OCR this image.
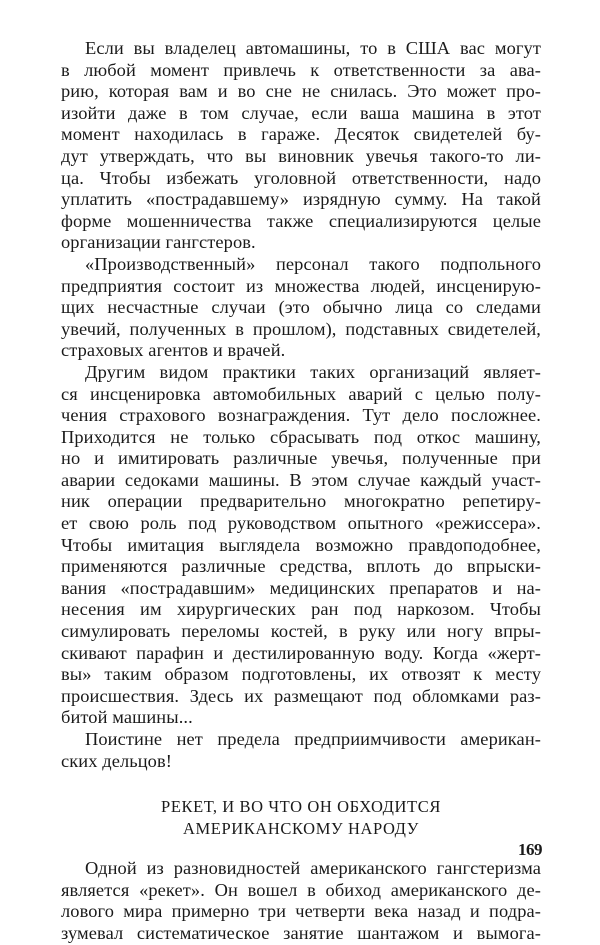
Если вы владелец автомашины, то в США вас могут
в любой момент привлечь к ответственности за ава-
рию, которая вам и во сне не снилась. Это может про-
изойти даже в том случае, если ваша машина в этот
момент находилась в гараже. Десяток свидетелей бу-
дут утверждать, что вы виновник увечья такого-то ли-
ца. Чтобы избежать уголовной ответственности, надо
уплатить «пострадавшему» изрядную сумму. На такой
форме мошенничества также специализируются целые
организации гангстеров.
«Производственный» персонал такого подпольного
предприятия состоит из множества людей, инсценирую-
щих несчастные случаи (это обычно лица со следами
увечий, полученных в прошлом), подставных свидетелей,
страховых агентов и врачей.
Другим видом практики таких организаций являет-
ся инсценировка автомобильных аварий с целью полу-
чения страхового вознаграждения. Тут дело посложнее.
Приходится не только сбрасывать под откос машину,
но и имитировать различные увечья, полученные при
аварии седоками машины. В этом случае каждый участ-
ник операции предварительно многократно репетиру-
ет свою роль под руководством опытного «режиссера».
Чтобы имитация выглядела возможно правдоподобнее,
применяются различные средства, вплоть до впрыски-
вания «пострадавшим» медицинских препаратов и на-
несения им хирургических ран под наркозом. Чтобы
симулировать переломы костей, в руку или ногу впры-
скивают парафин и дестилированную воду. Когда «жерт-
вы» таким образом подготовлены, их отвозят к месту
происшествия. Здесь их размещают под обломками раз-
битой машины...
Поистине нет предела предприимчивости американ-
ских дельцов!
РЕКЕТ, И ВО ЧТО ОН ОБХОДИТСЯ
АМЕРИКАНСКОМУ НАРОДУ
Одной из разновидностей американского гангстеризма
является «рекет». Он вошел в обиход американского де-
лового мира примерно три четверти века назад и подра-
зумевал систематическое занятие шантажом и вымога-
169
